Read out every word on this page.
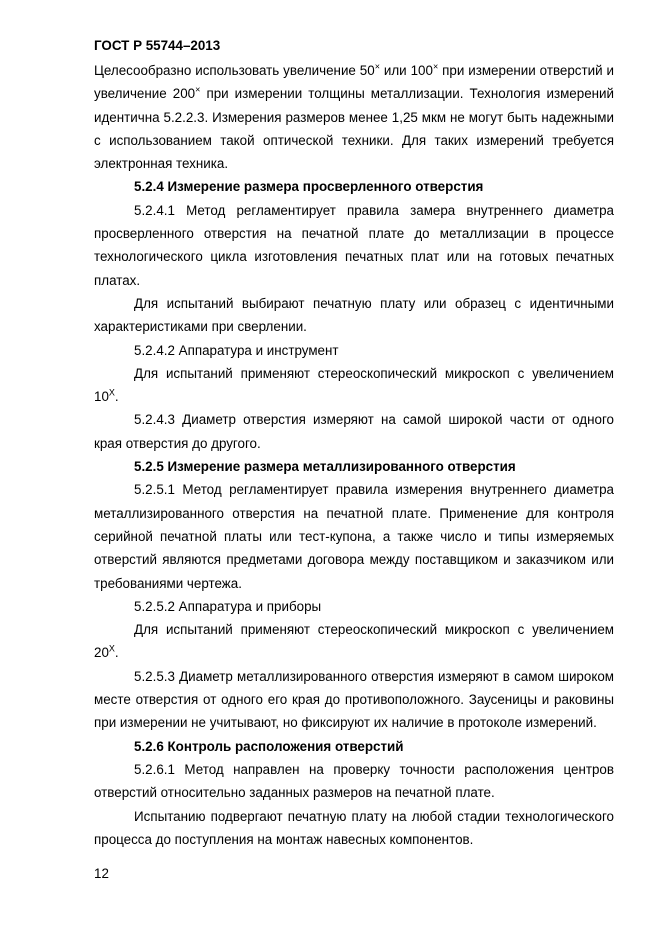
ГОСТ Р 55744–2013

Целесообразно использовать увеличение 50× или 100× при измерении отверстий и увеличение 200× при измерении толщины металлизации. Технология измерений идентична 5.2.2.3. Измерения размеров менее 1,25 мкм не могут быть надежными с использованием такой оптической техники. Для таких измерений требуется электронная техника.

5.2.4 Измерение размера просверленного отверстия

5.2.4.1 Метод регламентирует правила замера внутреннего диаметра просверленного отверстия на печатной плате до металлизации в процессе технологического цикла изготовления печатных плат или на готовых печатных платах.

Для испытаний выбирают печатную плату или образец с идентичными характеристиками при сверлении.

5.2.4.2 Аппаратура и инструмент

Для испытаний применяют стереоскопический микроскоп с увеличением 10$^X$.

5.2.4.3 Диаметр отверстия измеряют на самой широкой части от одного края отверстия до другого.

5.2.5 Измерение размера металлизированного отверстия

5.2.5.1 Метод регламентирует правила измерения внутреннего диаметра металлизированного отверстия на печатной плате. Применение для контроля серийной печатной платы или тест-купона, а также число и типы измеряемых отверстий являются предметами договора между поставщиком и заказчиком или требованиями чертежа.

5.2.5.2 Аппаратура и приборы

Для испытаний применяют стереоскопический микроскоп с увеличением 20$^X$.

5.2.5.3 Диаметр металлизированного отверстия измеряют в самом широком месте отверстия от одного его края до противоположного. Заусеницы и раковины при измерении не учитывают, но фиксируют их наличие в протоколе измерений.

5.2.6 Контроль расположения отверстий

5.2.6.1 Метод направлен на проверку точности расположения центров отверстий относительно заданных размеров на печатной плате.

Испытанию подвергают печатную плату на любой стадии технологического процесса до поступления на монтаж навесных компонентов.

12
